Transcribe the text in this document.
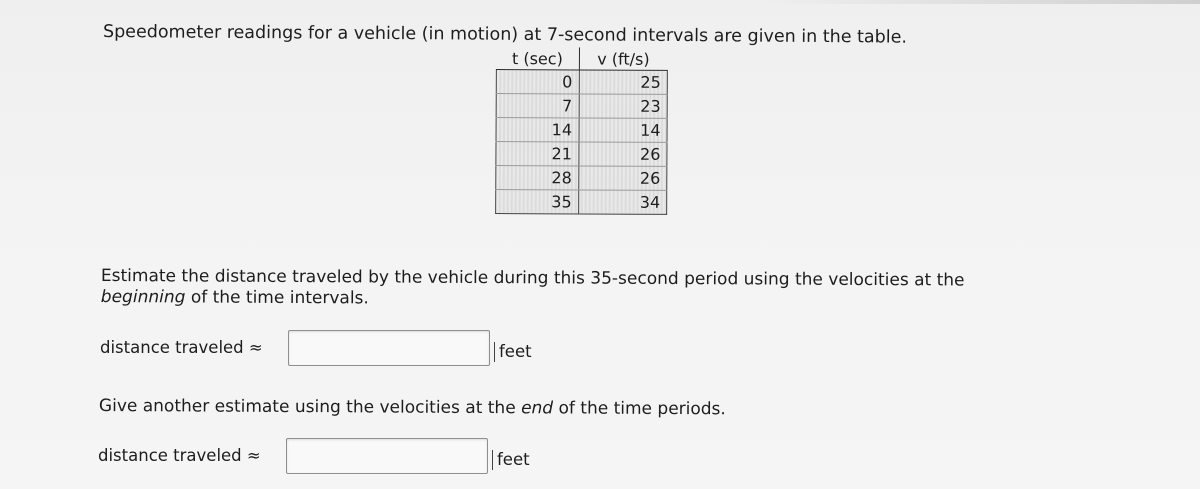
Speedometer readings for a vehicle (in motion) at 7-second intervals are given in the table.
t (sec)	v (ft/s)
0	25
7	23
14	14
21	26
28	26
35	34
Estimate the distance traveled by the vehicle during this 35-second period using the velocities at the beginning of the time intervals.
distance traveled ≈	feet
Give another estimate using the velocities at the end of the time periods.
distance traveled ≈	feet
